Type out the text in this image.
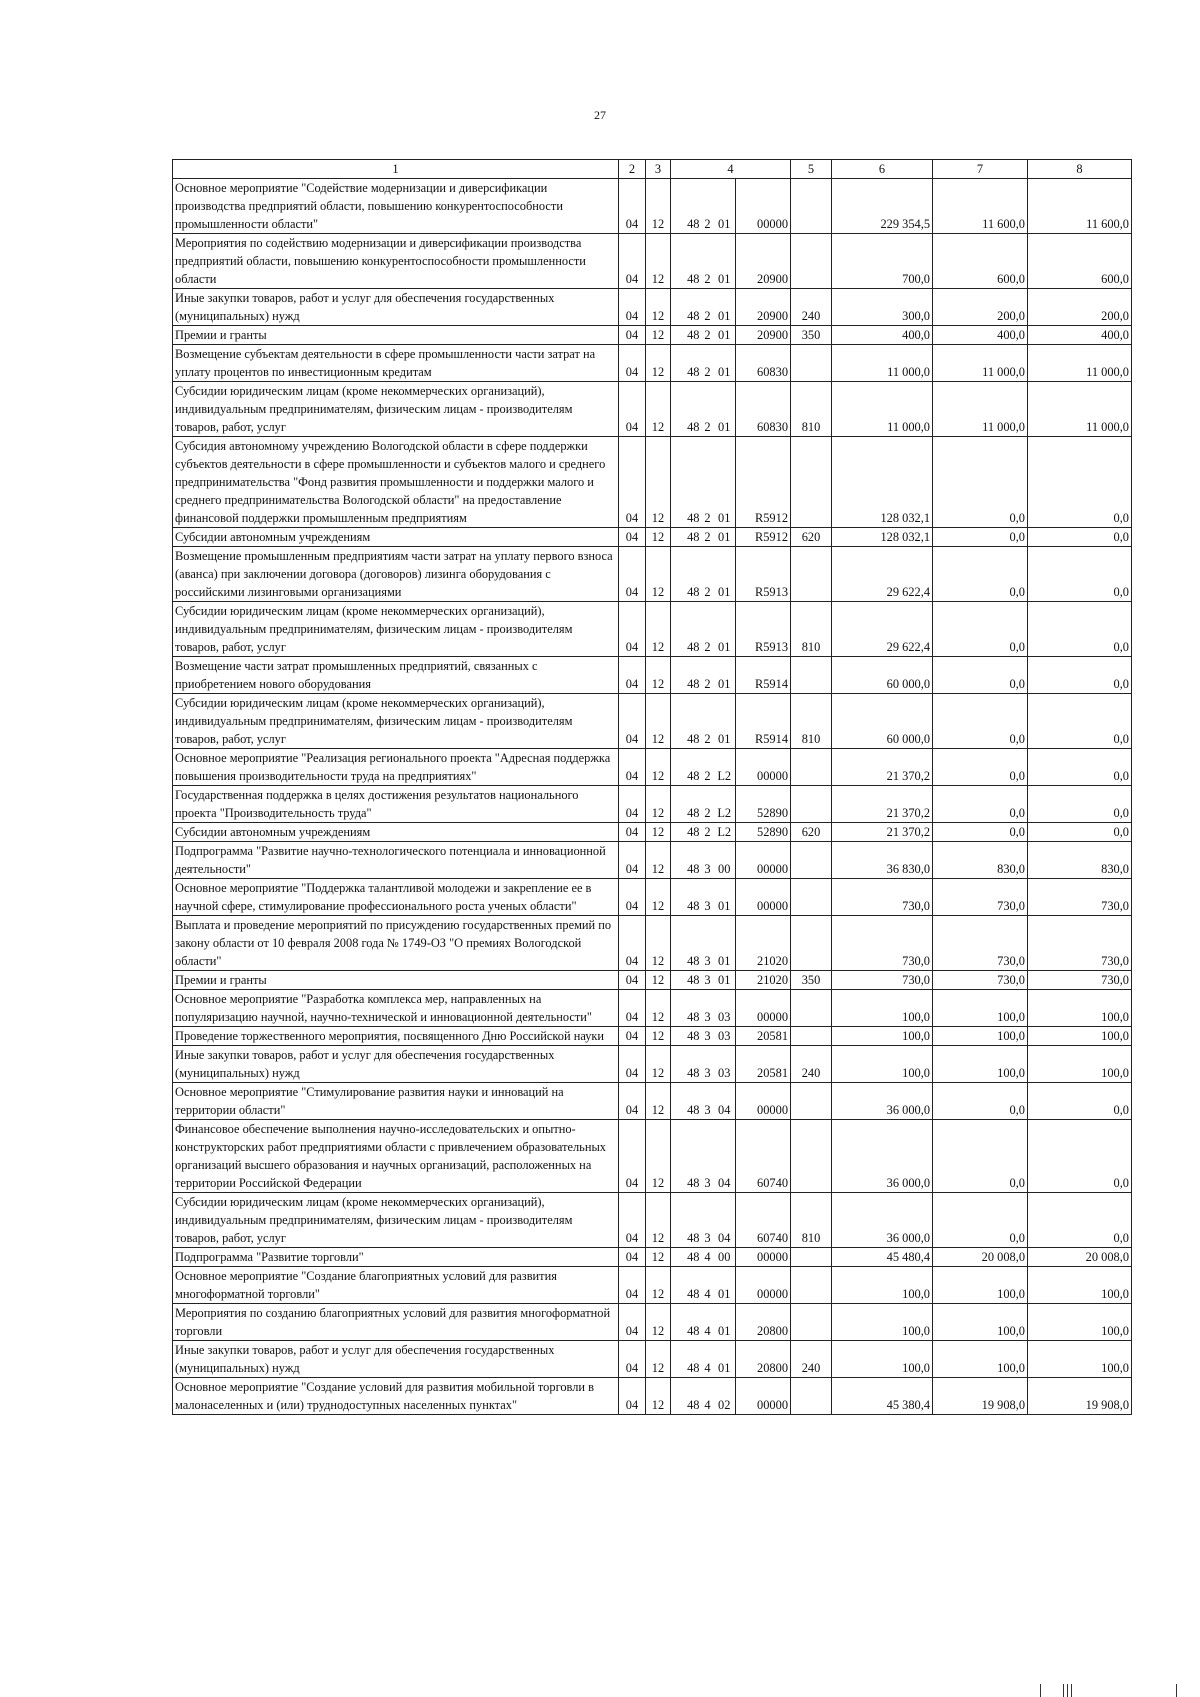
27
1	2	3	4				5	6	7	8
Основное мероприятие "Содействие модернизации и диверсификации производства предприятий области, повышению конкурентоспособности промышленности области"	04	12	48	2	01	00000		229 354,5	11 600,0	11 600,0
Мероприятия по содействию модернизации и диверсификации производства предприятий области, повышению конкурентоспособности промышленности области	04	12	48	2	01	20900		700,0	600,0	600,0
Иные закупки товаров, работ и услуг для обеспечения государственных (муниципальных) нужд	04	12	48	2	01	20900	240	300,0	200,0	200,0
Премии и гранты	04	12	48	2	01	20900	350	400,0	400,0	400,0
Возмещение субъектам деятельности в сфере промышленности части затрат на уплату процентов по инвестиционным кредитам	04	12	48	2	01	60830		11 000,0	11 000,0	11 000,0
Субсидии юридическим лицам (кроме некоммерческих организаций), индивидуальным предпринимателям, физическим лицам - производителям товаров, работ, услуг	04	12	48	2	01	60830	810	11 000,0	11 000,0	11 000,0
Субсидия автономному учреждению Вологодской области в сфере поддержки субъектов деятельности в сфере промышленности и субъектов малого и среднего предпринимательства "Фонд развития промышленности и поддержки малого и среднего предпринимательства Вологодской области" на предоставление финансовой поддержки промышленным предприятиям	04	12	48	2	01	R5912		128 032,1	0,0	0,0
Субсидии автономным учреждениям	04	12	48	2	01	R5912	620	128 032,1	0,0	0,0
Возмещение промышленным предприятиям части затрат на уплату первого взноса (аванса) при заключении договора (договоров) лизинга оборудования с российскими лизинговыми организациями	04	12	48	2	01	R5913		29 622,4	0,0	0,0
Субсидии юридическим лицам (кроме некоммерческих организаций), индивидуальным предпринимателям, физическим лицам - производителям товаров, работ, услуг	04	12	48	2	01	R5913	810	29 622,4	0,0	0,0
Возмещение части затрат промышленных предприятий, связанных с приобретением нового оборудования	04	12	48	2	01	R5914		60 000,0	0,0	0,0
Субсидии юридическим лицам (кроме некоммерческих организаций), индивидуальным предпринимателям, физическим лицам - производителям товаров, работ, услуг	04	12	48	2	01	R5914	810	60 000,0	0,0	0,0
Основное мероприятие "Реализация регионального проекта "Адресная поддержка повышения производительности труда на предприятиях"	04	12	48	2	L2	00000		21 370,2	0,0	0,0
Государственная поддержка в целях достижения результатов национального проекта "Производительность труда"	04	12	48	2	L2	52890		21 370,2	0,0	0,0
Субсидии автономным учреждениям	04	12	48	2	L2	52890	620	21 370,2	0,0	0,0
Подпрограмма "Развитие научно-технологического потенциала и инновационной деятельности"	04	12	48	3	00	00000		36 830,0	830,0	830,0
Основное мероприятие "Поддержка талантливой молодежи и закрепление ее в научной сфере, стимулирование профессионального роста ученых области"	04	12	48	3	01	00000		730,0	730,0	730,0
Выплата и проведение мероприятий по присуждению государственных премий по закону области от 10 февраля 2008 года № 1749-ОЗ "О премиях Вологодской области"	04	12	48	3	01	21020		730,0	730,0	730,0
Премии и гранты	04	12	48	3	01	21020	350	730,0	730,0	730,0
Основное мероприятие "Разработка комплекса мер, направленных на популяризацию научной, научно-технической и инновационной деятельности"	04	12	48	3	03	00000		100,0	100,0	100,0
Проведение торжественного мероприятия, посвященного Дню Российской науки	04	12	48	3	03	20581		100,0	100,0	100,0
Иные закупки товаров, работ и услуг для обеспечения государственных (муниципальных) нужд	04	12	48	3	03	20581	240	100,0	100,0	100,0
Основное мероприятие "Стимулирование развития науки и инноваций на территории области"	04	12	48	3	04	00000		36 000,0	0,0	0,0
Финансовое обеспечение выполнения научно-исследовательских и опытно-конструкторских работ предприятиями области с привлечением образовательных организаций высшего образования и научных организаций, расположенных на территории Российской Федерации	04	12	48	3	04	60740		36 000,0	0,0	0,0
Субсидии юридическим лицам (кроме некоммерческих организаций), индивидуальным предпринимателям, физическим лицам - производителям товаров, работ, услуг	04	12	48	3	04	60740	810	36 000,0	0,0	0,0
Подпрограмма "Развитие торговли"	04	12	48	4	00	00000		45 480,4	20 008,0	20 008,0
Основное мероприятие "Создание благоприятных условий для развития многоформатной торговли"	04	12	48	4	01	00000		100,0	100,0	100,0
Мероприятия по созданию благоприятных условий для развития многоформатной торговли	04	12	48	4	01	20800		100,0	100,0	100,0
Иные закупки товаров, работ и услуг для обеспечения государственных (муниципальных) нужд	04	12	48	4	01	20800	240	100,0	100,0	100,0
Основное мероприятие "Создание условий для развития мобильной торговли в малонаселенных и (или) труднодоступных населенных пунктах"	04	12	48	4	02	00000		45 380,4	19 908,0	19 908,0
